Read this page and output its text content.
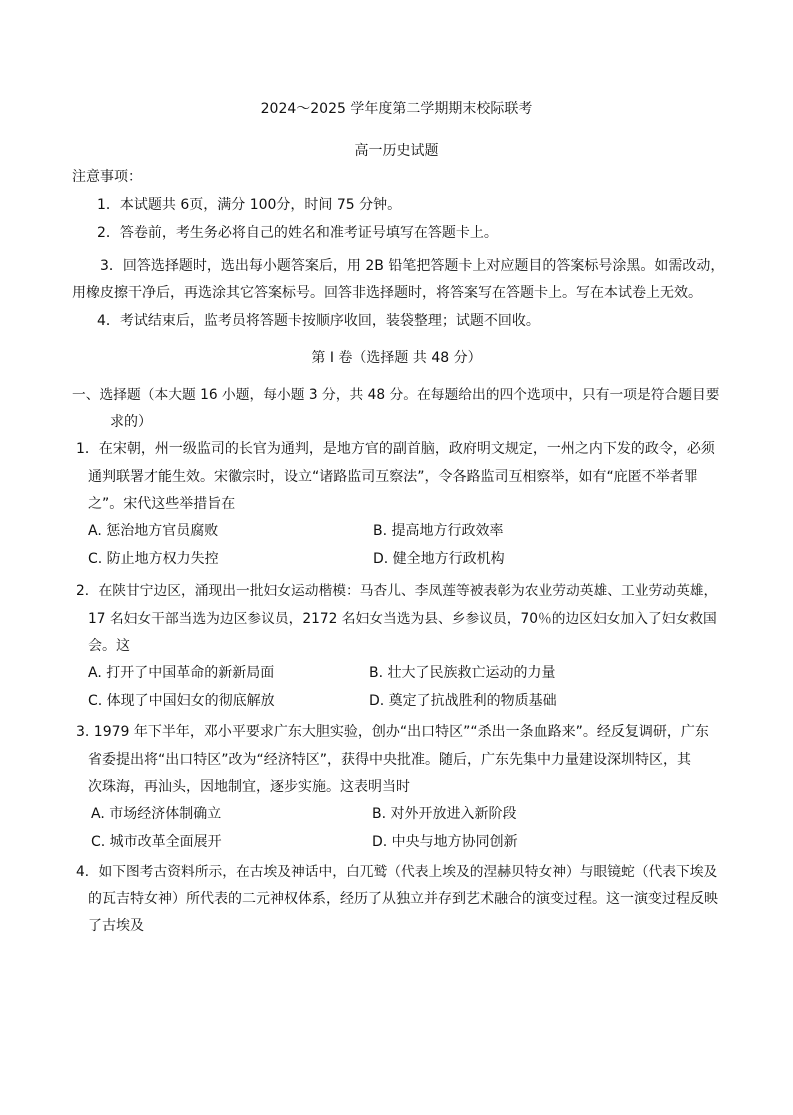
2024～2025 学年度第二学期期末校际联考
高一历史试题
注意事项：
1．本试题共 6页，满分 100分，时间 75 分钟。
2．答卷前，考生务必将自己的姓名和准考证号填写在答题卡上。
3．回答选择题时，选出每小题答案后，用 2B 铅笔把答题卡上对应题目的答案标号涂黑。如需改动，
用橡皮擦干净后，再选涂其它答案标号。回答非选择题时，将答案写在答题卡上。写在本试卷上无效。
4．考试结束后，监考员将答题卡按顺序收回，装袋整理；试题不回收。
第 I 卷（选择题 共 48 分）
一、选择题（本大题 16 小题，每小题 3 分，共 48 分。在每题给出的四个选项中，只有一项是符合题目要
求的）
1．在宋朝，州一级监司的长官为通判，是地方官的副首脑，政府明文规定，一州之内下发的政令，必须
通判联署才能生效。宋徽宗时，设立“诸路监司互察法”，令各路监司互相察举，如有“庇匿不举者罪
之”。宋代这些举措旨在
A. 惩治地方官员腐败	B. 提高地方行政效率
C. 防止地方权力失控	D. 健全地方行政机构
2．在陕甘宁边区，涌现出一批妇女运动楷模：马杏儿、李凤莲等被表彰为农业劳动英雄、工业劳动英雄，
17 名妇女干部当选为边区参议员，2172 名妇女当选为县、乡参议员，70％的边区妇女加入了妇女救国
会。这
A. 打开了中国革命的新新局面	B. 壮大了民族救亡运动的力量
C. 体现了中国妇女的彻底解放	D. 奠定了抗战胜利的物质基础
3. 1979 年下半年，邓小平要求广东大胆实验，创办“出口特区”“杀出一条血路来”。经反复调研，广东
省委提出将“出口特区”改为“经济特区”，获得中央批准。随后，广东先集中力量建设深圳特区，其
次珠海，再汕头，因地制宜，逐步实施。这表明当时
A. 市场经济体制确立	B. 对外开放进入新阶段
C. 城市改革全面展开	D. 中央与地方协同创新
4．如下图考古资料所示，在古埃及神话中，白兀鹫（代表上埃及的涅赫贝特女神）与眼镜蛇（代表下埃及
的瓦吉特女神）所代表的二元神权体系，经历了从独立并存到艺术融合的演变过程。这一演变过程反映
了古埃及
